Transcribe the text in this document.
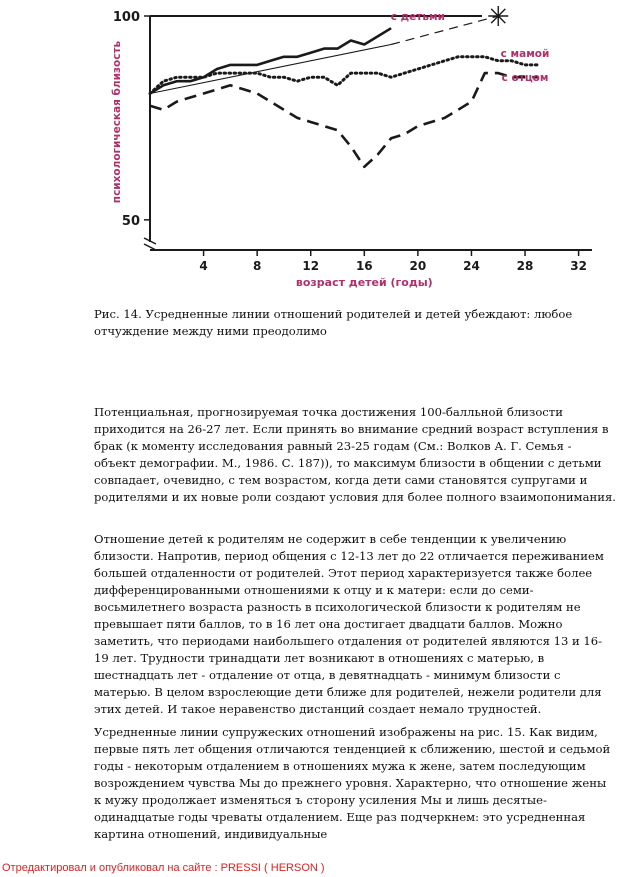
50
100
4	8	12	16	20	24	28	32
возраст детей (годы)
психологическая близость
с детьми
с мамой
с отцом

Рис. 14. Усредненные линии отношений родителей и детей убеждают: любое отчуждение между ними преодолимо

Потенциальная, прогнозируемая точка достижения 100-балльной близости приходится на 26-27 лет. Если принять во внимание средний возраст вступления в брак (к моменту исследования равный 23-25 годам (См.: Волков А. Г. Семья - объект демографии. М., 1986. С. 187)), то максимум близости в общении с детьми совпадает, очевидно, с тем возрастом, когда дети сами становятся супругами и родителями и их новые роли создают условия для более полного взаимопонимания.

Отношение детей к родителям не содержит в себе тенденции к увеличению близости. Напротив, период общения с 12-13 лет до 22 отличается переживанием большей отдаленности от родителей. Этот период характеризуется также более дифференцированными отношениями к отцу и к матери: если до семи-восьмилетнего возраста разность в психологической близости к родителям не превышает пяти баллов, то в 16 лет она достигает двадцати баллов. Можно заметить, что периодами наибольшего отдаления от родителей являются 13 и 16-19 лет. Трудности тринадцати лет возникают в отношениях с матерью, в шестнадцать лет - отдаление от отца, в девятнадцать - минимум близости с матерью. В целом взрослеющие дети ближе для родителей, нежели родители для этих детей. И такое неравенство дистанций создает немало трудностей.

Усредненные линии супружеских отношений изображены на рис. 15. Как видим, первые пять лет общения отличаются тенденцией к сближению, шестой и седьмой годы - некоторым отдалением в отношениях мужа к жене, затем последующим возрождением чувства Мы до прежнего уровня. Характерно, что отношение жены к мужу продолжает изменяться ъ сторону усиления Мы и лишь десятые-одинадцатые годы чреваты отдалением. Еще раз подчеркнем: это усредненная картина отношений, индивидуальные

Отредактировал и опубликовал на сайте : PRESSI ( HERSON )
